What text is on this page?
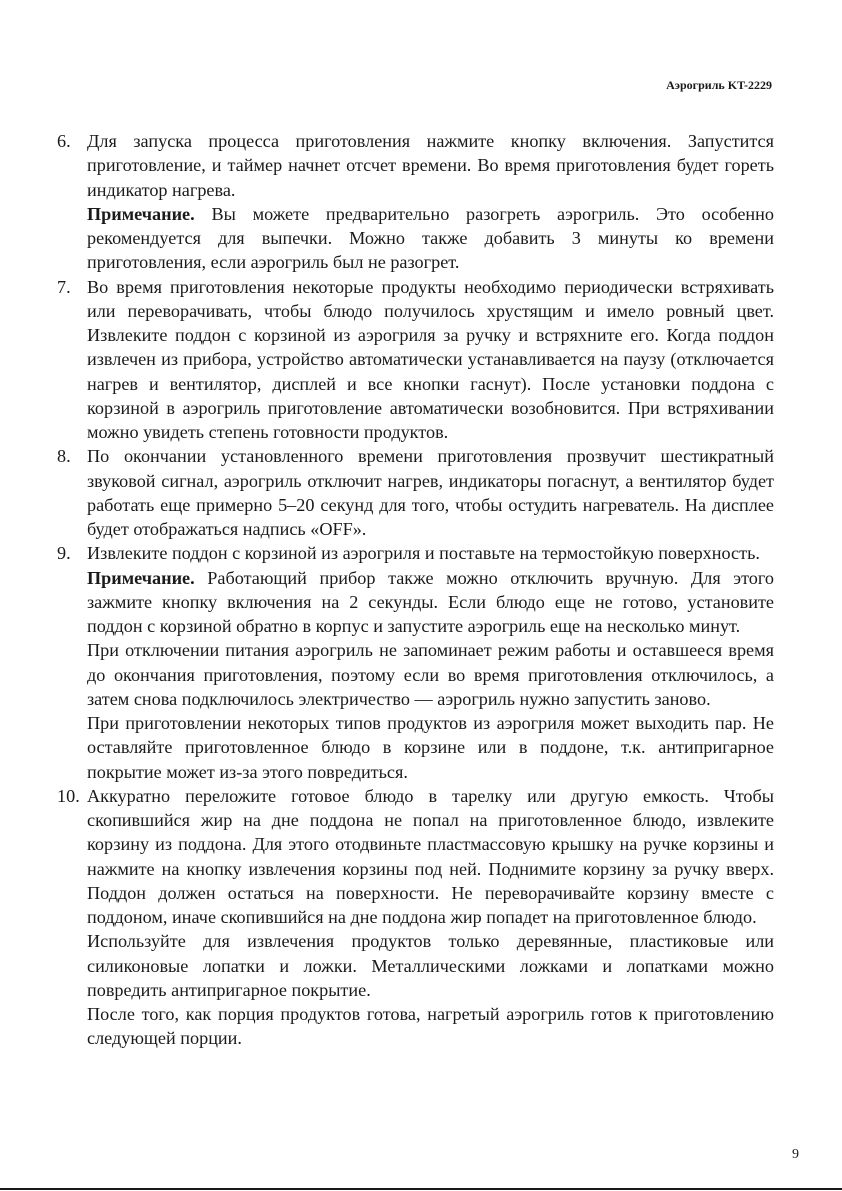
Аэрогриль KT-2229
6. Для запуска процесса приготовления нажмите кнопку включения. Запустится приготовление, и таймер начнет отсчет времени. Во время приготовления будет гореть индикатор нагрева.

Примечание. Вы можете предварительно разогреть аэрогриль. Это особенно рекомендуется для выпечки. Можно также добавить 3 минуты ко времени приготовления, если аэрогриль был не разогрет.

7. Во время приготовления некоторые продукты необходимо периодически встряхивать или переворачивать, чтобы блюдо получилось хрустящим и имело ровный цвет. Извлеките поддон с корзиной из аэрогриля за ручку и встряхните его. Когда поддон извлечен из прибора, устройство автоматически устанавливается на паузу (отключается нагрев и вентилятор, дисплей и все кнопки гаснут). После установки поддона с корзиной в аэрогриль приготовление автоматически возобновится. При встряхивании можно увидеть степень готовности продуктов.

8. По окончании установленного времени приготовления прозвучит шестикратный звуковой сигнал, аэрогриль отключит нагрев, индикаторы погаснут, а вентилятор будет работать еще примерно 5–20 секунд для того, чтобы остудить нагреватель. На дисплее будет отображаться надпись «OFF».

9. Извлеките поддон с корзиной из аэрогриля и поставьте на термостойкую поверхность.

Примечание. Работающий прибор также можно отключить вручную. Для этого зажмите кнопку включения на 2 секунды. Если блюдо еще не готово, установите поддон с корзиной обратно в корпус и запустите аэрогриль еще на несколько минут.

При отключении питания аэрогриль не запоминает режим работы и оставшееся время до окончания приготовления, поэтому если во время приготовления отключилось, а затем снова подключилось электричество — аэрогриль нужно запустить заново.

При приготовлении некоторых типов продуктов из аэрогриля может выходить пар. Не оставляйте приготовленное блюдо в корзине или в поддоне, т.к. антипригарное покрытие может из-за этого повредиться.

10. Аккуратно переложите готовое блюдо в тарелку или другую емкость. Чтобы скопившийся жир на дне поддона не попал на приготовленное блюдо, извлеките корзину из поддона. Для этого отодвиньте пластмассовую крышку на ручке корзины и нажмите на кнопку извлечения корзины под ней. Поднимите корзину за ручку вверх. Поддон должен остаться на поверхности. Не переворачивайте корзину вместе с поддоном, иначе скопившийся на дне поддона жир попадет на приготовленное блюдо.

Используйте для извлечения продуктов только деревянные, пластиковые или силиконовые лопатки и ложки. Металлическими ложками и лопатками можно повредить антипригарное покрытие.

После того, как порция продуктов готова, нагретый аэрогриль готов к приготовлению следующей порции.

9
